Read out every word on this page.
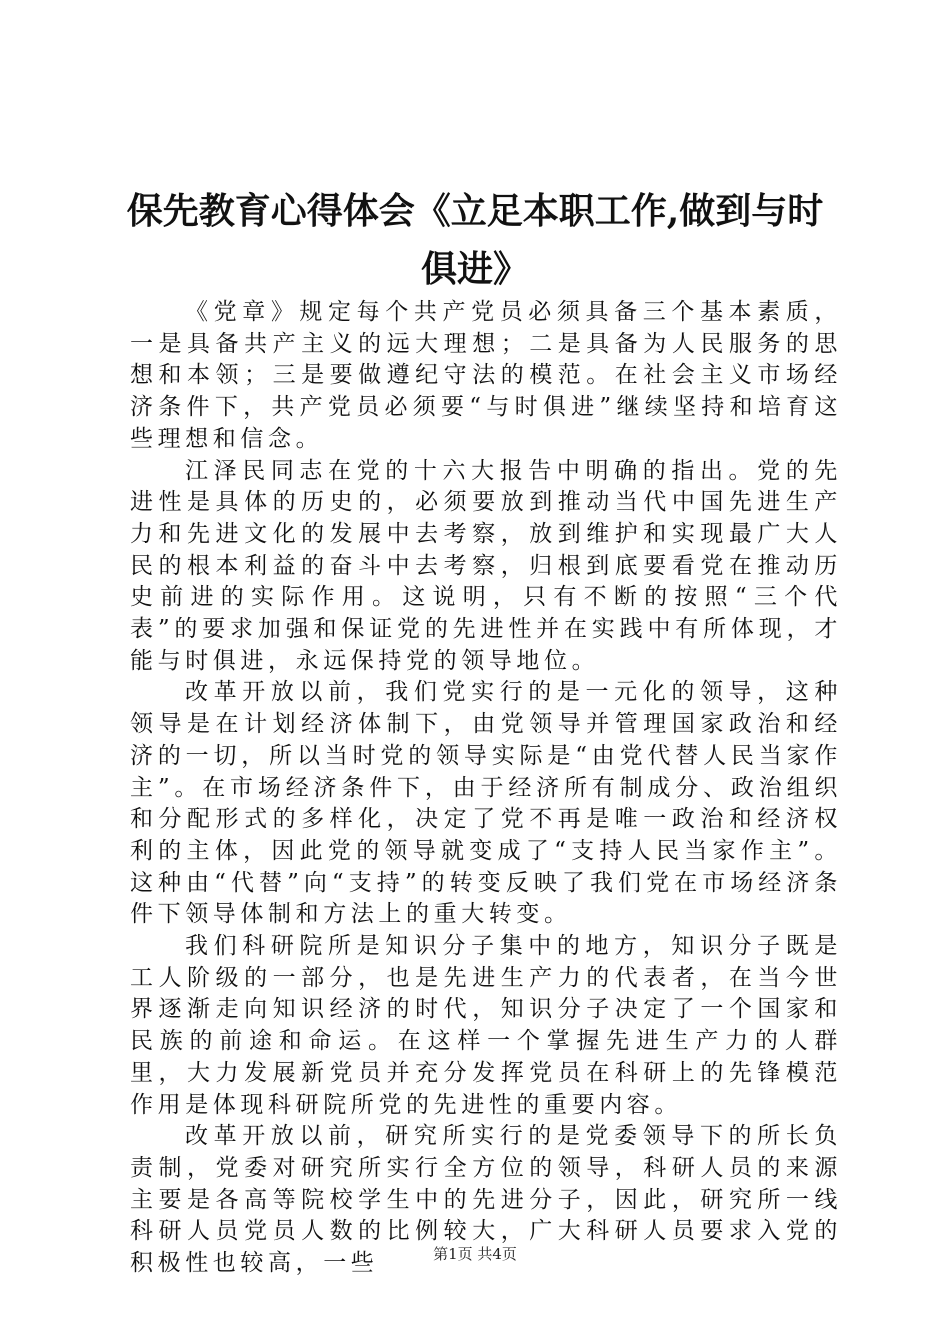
保先教育心得体会《立足本职工作,做到与时俱进》

《党章》规定每个共产党员必须具备三个基本素质，一是具备共产主义的远大理想；二是具备为人民服务的思想和本领；三是要做遵纪守法的模范。在社会主义市场经济条件下，共产党员必须要“与时俱进”继续坚持和培育这些理想和信念。

江泽民同志在党的十六大报告中明确的指出。党的先进性是具体的历史的，必须要放到推动当代中国先进生产力和先进文化的发展中去考察，放到维护和实现最广大人民的根本利益的奋斗中去考察，归根到底要看党在推动历史前进的实际作用。这说明，只有不断的按照“三个代表”的要求加强和保证党的先进性并在实践中有所体现，才能与时俱进，永远保持党的领导地位。

改革开放以前，我们党实行的是一元化的领导，这种领导是在计划经济体制下，由党领导并管理国家政治和经济的一切，所以当时党的领导实际是“由党代替人民当家作主”。在市场经济条件下，由于经济所有制成分、政治组织和分配形式的多样化，决定了党不再是唯一政治和经济权利的主体，因此党的领导就变成了“支持人民当家作主”。这种由“代替”向“支持”的转变反映了我们党在市场经济条件下领导体制和方法上的重大转变。

我们科研院所是知识分子集中的地方，知识分子既是工人阶级的一部分，也是先进生产力的代表者，在当今世界逐渐走向知识经济的时代，知识分子决定了一个国家和民族的前途和命运。在这样一个掌握先进生产力的人群里，大力发展新党员并充分发挥党员在科研上的先锋模范作用是体现科研院所党的先进性的重要内容。

改革开放以前，研究所实行的是党委领导下的所长负责制，党委对研究所实行全方位的领导，科研人员的来源主要是各高等院校学生中的先进分子，因此，研究所一线科研人员党员人数的比例较大，广大科研人员要求入党的积极性也较高，一些	第1页 共4页
